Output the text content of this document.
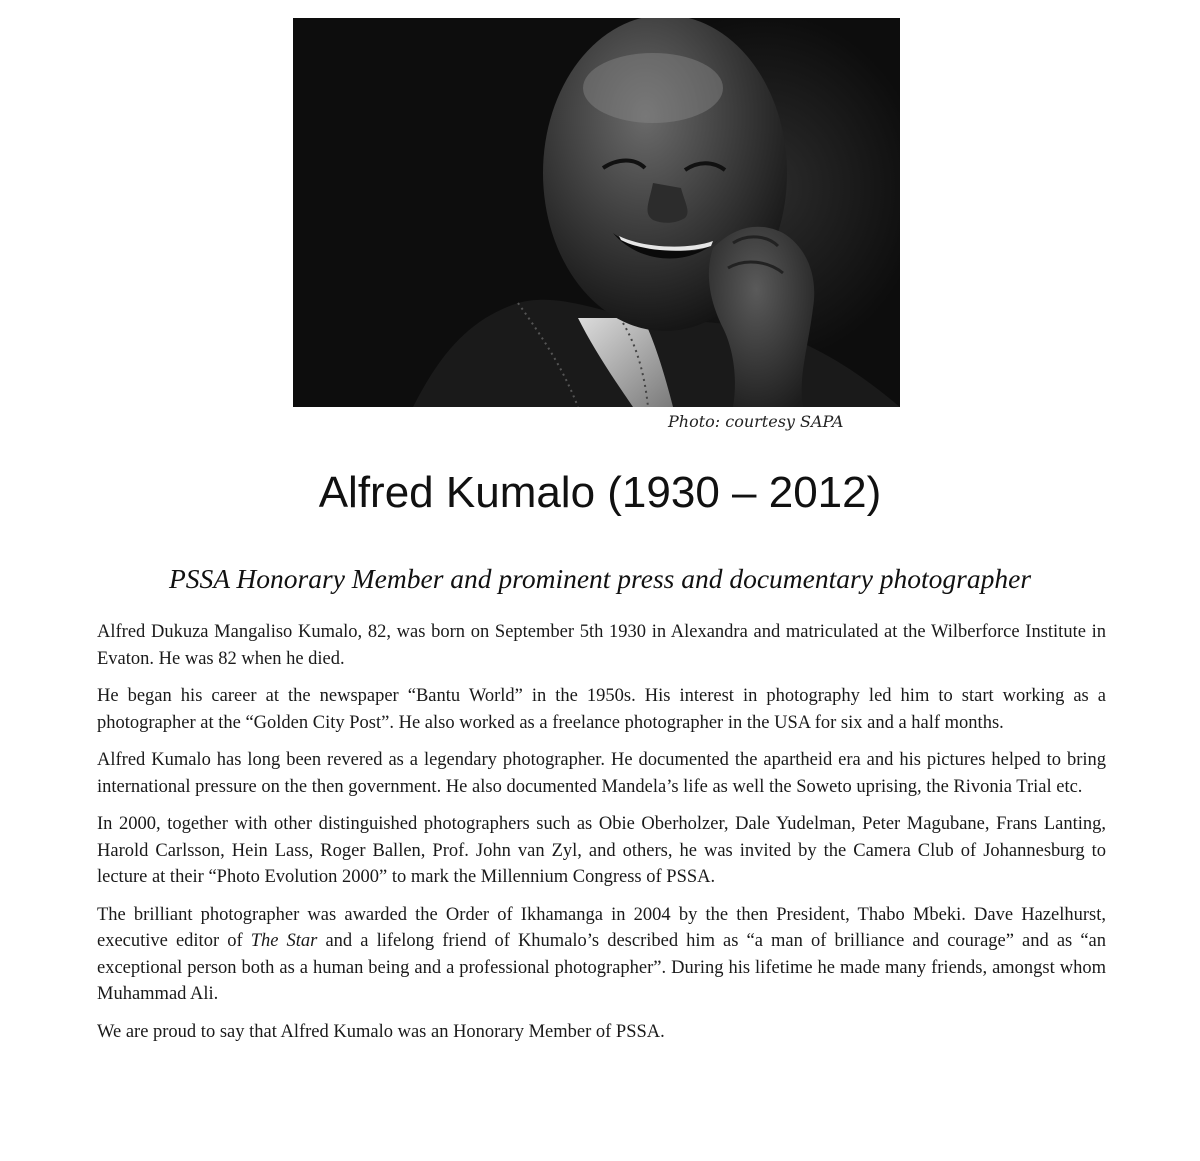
Photo: courtesy SAPA
Alfred Kumalo (1930 – 2012)
PSSA Honorary Member and prominent press and documentary photographer

Alfred Dukuza Mangaliso Kumalo, 82, was born on September 5th 1930 in Alexandra and matriculated at the Wilberforce Institute in Evaton. He was 82 when he died.

He began his career at the newspaper “Bantu World” in the 1950s. His interest in photography led him to start working as a photographer at the “Golden City Post”. He also worked as a freelance photographer in the USA for six and a half months.

Alfred Kumalo has long been revered as a legendary photographer. He documented the apartheid era and his pictures helped to bring international pressure on the then government. He also documented Mandela’s life as well the Soweto uprising, the Rivonia Trial etc.

In 2000, together with other distinguished photographers such as Obie Oberholzer, Dale Yudelman, Peter Magubane, Frans Lanting, Harold Carlsson, Hein Lass, Roger Ballen, Prof. John van Zyl, and others, he was invited by the Camera Club of Johannesburg to lecture at their “Photo Evolution 2000” to mark the Millennium Congress of PSSA.

The brilliant photographer was awarded the Order of Ikhamanga in 2004 by the then President, Thabo Mbeki. Dave Hazelhurst, executive editor of The Star and a lifelong friend of Khumalo’s described him as “a man of brilliance and courage” and as “an exceptional person both as a human being and a professional photographer”. During his lifetime he made many friends, amongst whom Muhammad Ali.

We are proud to say that Alfred Kumalo was an Honorary Member of PSSA.
